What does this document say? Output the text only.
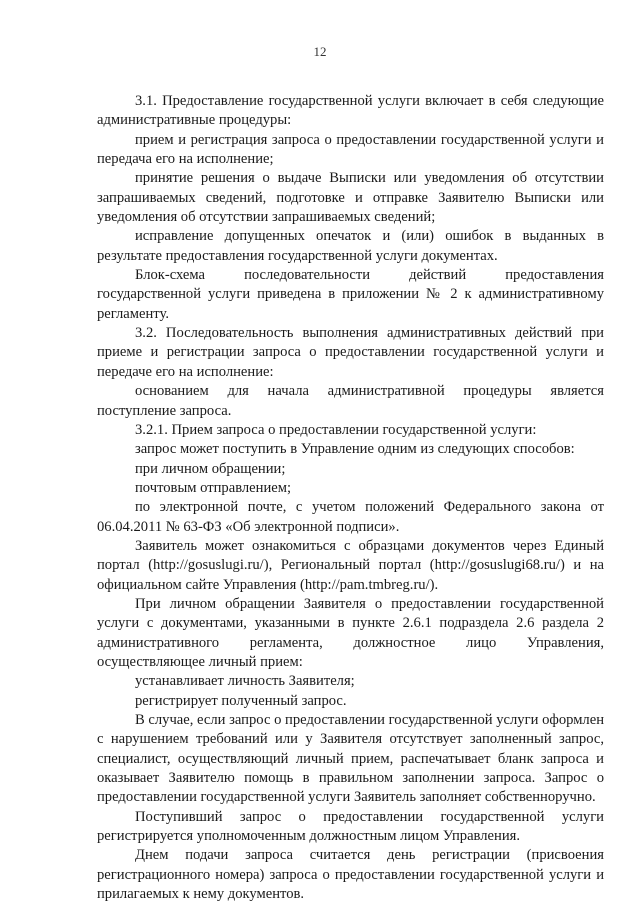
12

3.1. Предоставление государственной услуги включает в себя следующие административные процедуры:

прием и регистрация запроса о предоставлении государственной услуги и передача его на исполнение;

принятие решения о выдаче Выписки или уведомления об отсутствии запрашиваемых сведений, подготовке и отправке Заявителю Выписки или уведомления об отсутствии запрашиваемых сведений;

исправление допущенных опечаток и (или) ошибок в выданных в результате предоставления государственной услуги документах.

Блок-схема последовательности действий предоставления государственной услуги приведена в приложении № 2 к административному регламенту.

3.2. Последовательность выполнения административных действий при приеме и регистрации запроса о предоставлении государственной услуги и передаче его на исполнение:

основанием для начала административной процедуры является поступление запроса.

3.2.1. Прием запроса о предоставлении государственной услуги:

запрос может поступить в Управление одним из следующих способов:

при личном обращении;

почтовым отправлением;

по электронной почте, с учетом положений Федерального закона от 06.04.2011 № 63-ФЗ «Об электронной подписи».

Заявитель может ознакомиться с образцами документов через Единый портал (http://gosuslugi.ru/), Региональный портал (http://gosuslugi68.ru/) и на официальном сайте Управления (http://pam.tmbreg.ru/).

При личном обращении Заявителя о предоставлении государственной услуги с документами, указанными в пункте 2.6.1 подраздела 2.6 раздела 2 административного регламента, должностное лицо Управления, осуществляющее личный прием:

устанавливает личность Заявителя;

регистрирует полученный запрос.

В случае, если запрос о предоставлении государственной услуги оформлен с нарушением требований или у Заявителя отсутствует заполненный запрос, специалист, осуществляющий личный прием, распечатывает бланк запроса и оказывает Заявителю помощь в правильном заполнении запроса. Запрос о предоставлении государственной услуги Заявитель заполняет собственноручно.

Поступивший запрос о предоставлении государственной услуги регистрируется уполномоченным должностным лицом Управления.

Днем подачи запроса считается день регистрации (присвоения регистрационного номера) запроса о предоставлении государственной услуги и прилагаемых к нему документов.
